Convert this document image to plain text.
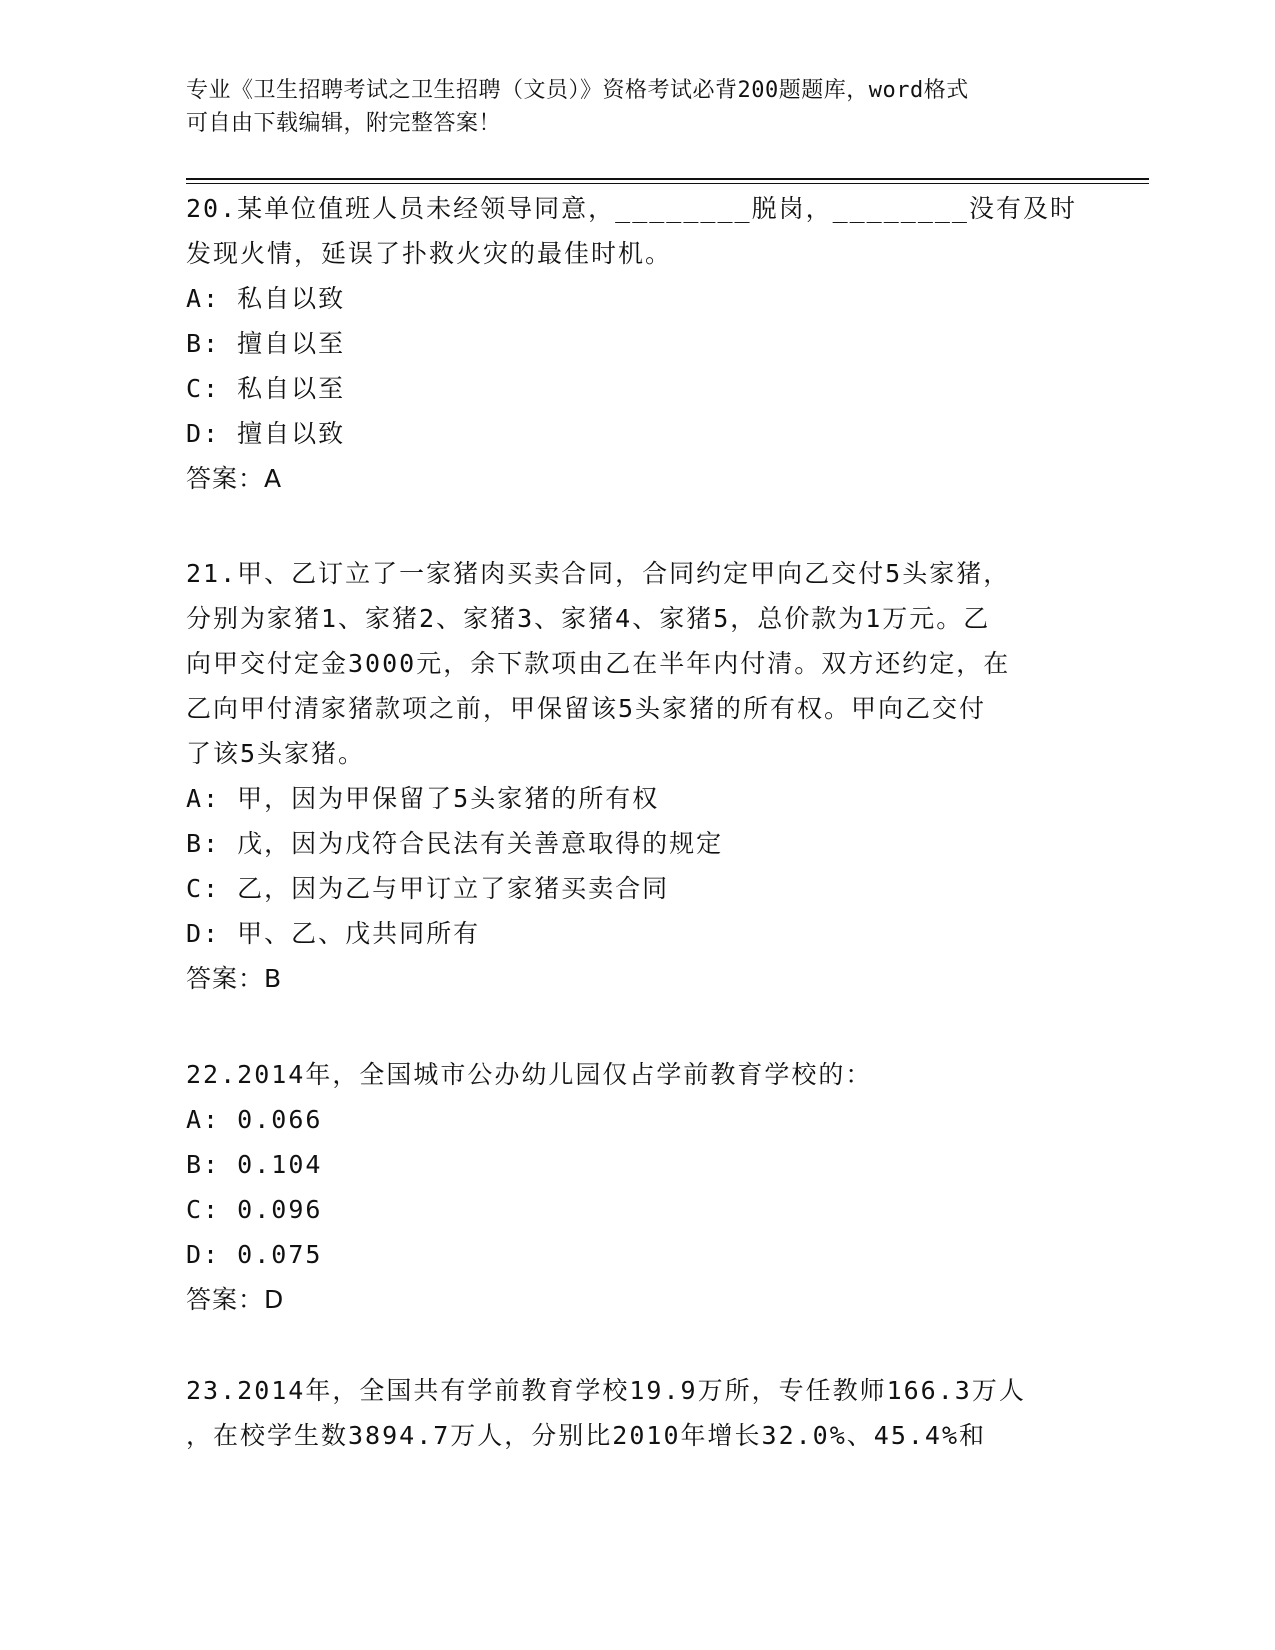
专业《卫生招聘考试之卫生招聘（文员）》资格考试必背200题题库，word格式
可自由下载编辑，附完整答案！
20.某单位值班人员未经领导同意，________脱岗，________没有及时
发现火情，延误了扑救火灾的最佳时机。
A: 私自以致
B: 擅自以至
C: 私自以至
D: 擅自以致
答案：A
21.甲、乙订立了一家猪肉买卖合同，合同约定甲向乙交付5头家猪，
分别为家猪1、家猪2、家猪3、家猪4、家猪5，总价款为1万元。乙
向甲交付定金3000元，余下款项由乙在半年内付清。双方还约定，在
乙向甲付清家猪款项之前，甲保留该5头家猪的所有权。甲向乙交付
了该5头家猪。
A: 甲，因为甲保留了5头家猪的所有权
B: 戊，因为戊符合民法有关善意取得的规定
C: 乙，因为乙与甲订立了家猪买卖合同
D: 甲、乙、戊共同所有
答案：B
22.2014年，全国城市公办幼儿园仅占学前教育学校的：
A: 0.066
B: 0.104
C: 0.096
D: 0.075
答案：D
23.2014年，全国共有学前教育学校19.9万所，专任教师166.3万人
，在校学生数3894.7万人，分别比2010年增长32.0%、45.4%和
